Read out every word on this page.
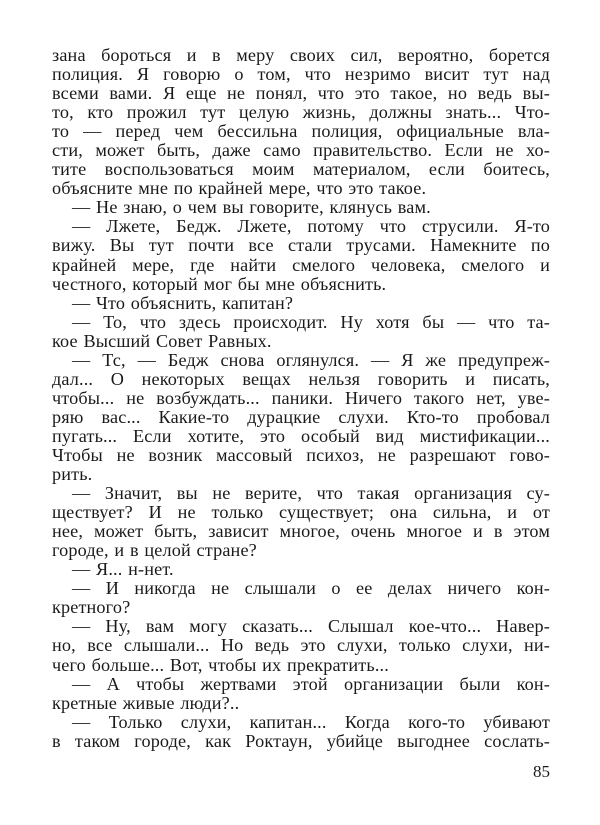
зана бороться и в меру своих сил, вероятно, борется
полиция. Я говорю о том, что незримо висит тут над
всеми вами. Я еще не понял, что это такое, но ведь вы-
то, кто прожил тут целую жизнь, должны знать... Что-
то — перед чем бессильна полиция, официальные вла-
сти, может быть, даже само правительство. Если не хо-
тите воспользоваться моим материалом, если боитесь,
объясните мне по крайней мере, что это такое.
— Не знаю, о чем вы говорите, клянусь вам.
— Лжете, Бедж. Лжете, потому что струсили. Я-то
вижу. Вы тут почти все стали трусами. Намекните по
крайней мере, где найти смелого человека, смелого и
честного, который мог бы мне объяснить.
— Что объяснить, капитан?
— То, что здесь происходит. Ну хотя бы — что та-
кое Высший Совет Равных.
— Тс, — Бедж снова оглянулся. — Я же предупреж-
дал... О некоторых вещах нельзя говорить и писать,
чтобы... не возбуждать... паники. Ничего такого нет, уве-
ряю вас... Какие-то дурацкие слухи. Кто-то пробовал
пугать... Если хотите, это особый вид мистификации...
Чтобы не возник массовый психоз, не разрешают гово-
рить.
— Значит, вы не верите, что такая организация су-
ществует? И не только существует; она сильна, и от
нее, может быть, зависит многое, очень многое и в этом
городе, и в целой стране?
— Я... н-нет.
— И никогда не слышали о ее делах ничего кон-
кретного?
— Ну, вам могу сказать... Слышал кое-что... Навер-
но, все слышали... Но ведь это слухи, только слухи, ни-
чего больше... Вот, чтобы их прекратить...
— А чтобы жертвами этой организации были кон-
кретные живые люди?..
— Только слухи, капитан... Когда кого-то убивают
в таком городе, как Роктаун, убийце выгоднее сослать-
85
